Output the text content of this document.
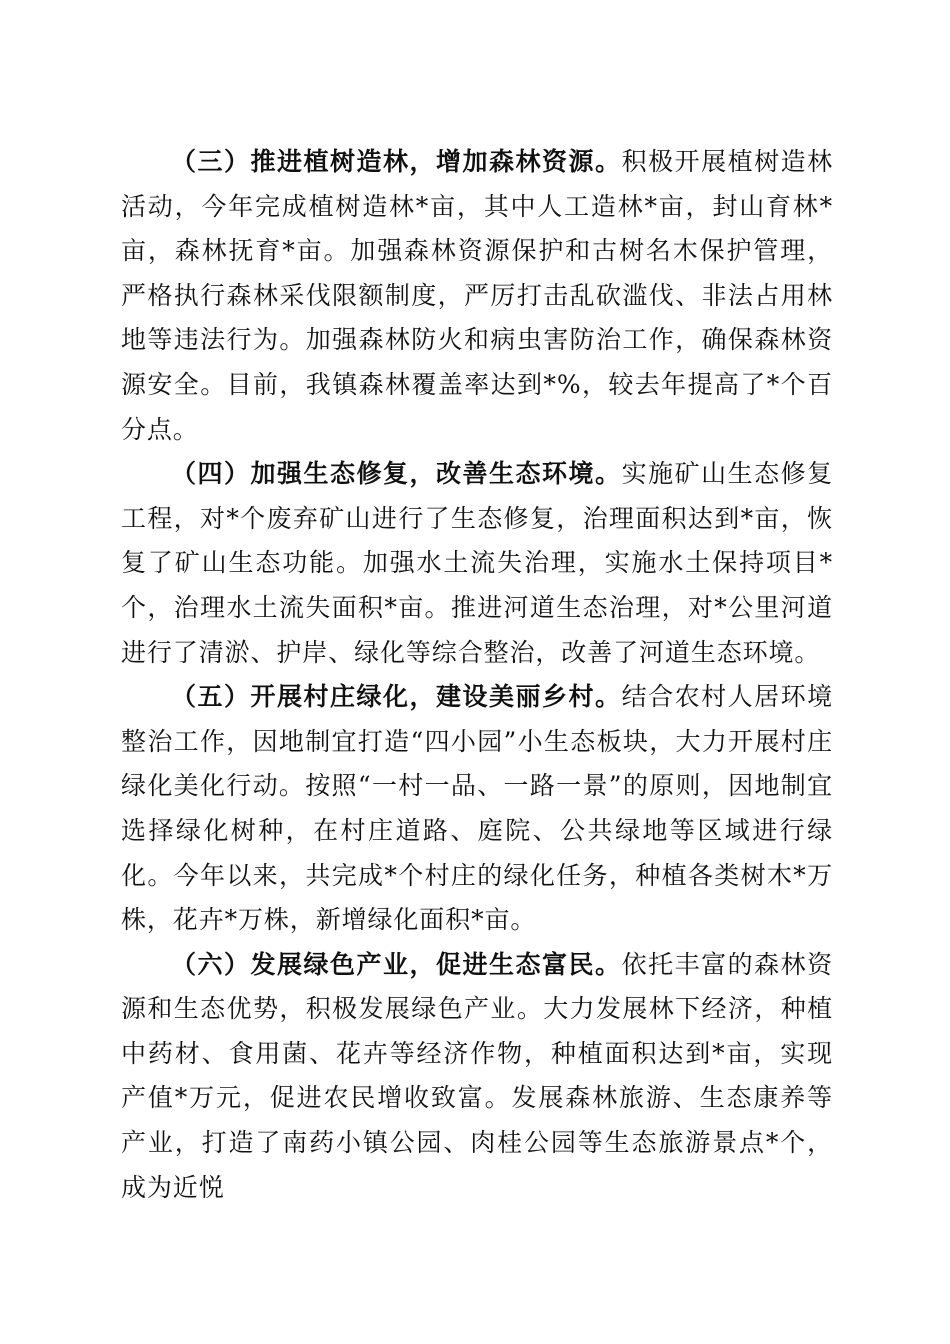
（三）推进植树造林，增加森林资源。积极开展植树造林活动，今年完成植树造林*亩，其中人工造林*亩，封山育林*亩，森林抚育*亩。加强森林资源保护和古树名木保护管理，严格执行森林采伐限额制度，严厉打击乱砍滥伐、非法占用林地等违法行为。加强森林防火和病虫害防治工作，确保森林资源安全。目前，我镇森林覆盖率达到*%，较去年提高了*个百分点。

（四）加强生态修复，改善生态环境。实施矿山生态修复工程，对*个废弃矿山进行了生态修复，治理面积达到*亩，恢复了矿山生态功能。加强水土流失治理，实施水土保持项目*个，治理水土流失面积*亩。推进河道生态治理，对*公里河道进行了清淤、护岸、绿化等综合整治，改善了河道生态环境。

（五）开展村庄绿化，建设美丽乡村。结合农村人居环境整治工作，因地制宜打造“四小园”小生态板块，大力开展村庄绿化美化行动。按照“一村一品、一路一景”的原则，因地制宜选择绿化树种，在村庄道路、庭院、公共绿地等区域进行绿化。今年以来，共完成*个村庄的绿化任务，种植各类树木*万株，花卉*万株，新增绿化面积*亩。

（六）发展绿色产业，促进生态富民。依托丰富的森林资源和生态优势，积极发展绿色产业。大力发展林下经济，种植中药材、食用菌、花卉等经济作物，种植面积达到*亩，实现产值*万元，促进农民增收致富。发展森林旅游、生态康养等产业，打造了南药小镇公园、肉桂公园等生态旅游景点*个，成为近悦
